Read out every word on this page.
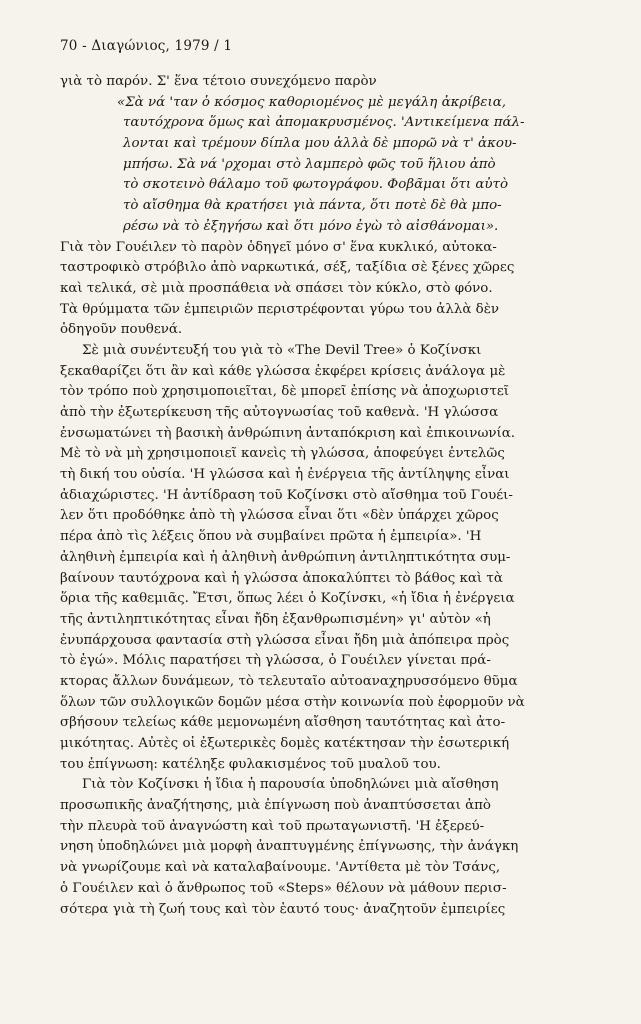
70 - Διαγώνιος, 1979 / 1
γιὰ τὸ παρόν. Σ' ἕνα τέτοιο συνεχόμενο παρὸν
«Σὰ νά 'ταν ὁ κόσμος καθοριομένος μὲ μεγάλη ἀκρίβεια,
ταυτόχρονα ὅμως καὶ ἀπομακρυσμένος. 'Αντικείμενα πάλ-
λονται καὶ τρέμουν δίπλα μου ἀλλὰ δὲ μπορῶ νὰ τ' ἀκου-
μπήσω. Σὰ νά 'ρχομαι στὸ λαμπερὸ φῶς τοῦ ἥλιου ἀπὸ
τὸ σκοτεινὸ θάλαμο τοῦ φωτογράφου. Φοβᾶμαι ὅτι αὐτὸ
τὸ αἴσθημα θὰ κρατήσει γιὰ πάντα, ὅτι ποτὲ δὲ θὰ μπο-
ρέσω νὰ τὸ ἐξηγήσω καὶ ὅτι μόνο ἐγὼ τὸ αἰσθάνομαι».
Γιὰ τὸν Γουέιλεν τὸ παρὸν ὁδηγεῖ μόνο σ' ἕνα κυκλικό, αὐτοκα-
ταστροφικὸ στρόβιλο ἀπὸ ναρκωτικά, σέξ, ταξίδια σὲ ξένες χῶρες
καὶ τελικά, σὲ μιὰ προσπάθεια νὰ σπάσει τὸν κύκλο, στὸ φόνο.
Τὰ θρύμματα τῶν ἐμπειριῶν περιστρέφονται γύρω του ἀλλὰ δὲν
ὁδηγοῦν πουθενά.
Σὲ μιὰ συνέντευξή του γιὰ τὸ «The Devil Tree» ὁ Κοζίνσκι
ξεκαθαρίζει ὅτι ἂν καὶ κάθε γλώσσα ἐκφέρει κρίσεις ἀνάλογα μὲ
τὸν τρόπο ποὺ χρησιμοποιεῖται, δὲ μπορεῖ ἐπίσης νὰ ἀποχωριστεῖ
ἀπὸ τὴν ἐξωτερίκευση τῆς αὐτογνωσίας τοῦ καθενὰ. 'Η γλώσσα
ἐνσωματώνει τὴ βασικὴ ἀνθρώπινη ἀνταπόκριση καὶ ἐπικοινωνία.
Μὲ τὸ νὰ μὴ χρησιμοποιεῖ κανεὶς τὴ γλώσσα, ἀποφεύγει ἐντελῶς
τὴ δική του οὐσία. 'Η γλώσσα καὶ ἡ ἐνέργεια τῆς ἀντίληψης εἶναι
ἀδιαχώριστες. 'Η ἀντίδραση τοῦ Κοζίνσκι στὸ αἴσθημα τοῦ Γουέι-
λεν ὅτι προδόθηκε ἀπὸ τὴ γλώσσα εἶναι ὅτι «δὲν ὑπάρχει χῶρος
πέρα ἀπὸ τὶς λέξεις ὅπου νὰ συμβαίνει πρῶτα ἡ ἐμπειρία». 'Η
ἀληθινὴ ἐμπειρία καὶ ἡ ἀληθινὴ ἀνθρώπινη ἀντιληπτικότητα συμ-
βαίνουν ταυτόχρονα καὶ ἡ γλώσσα ἀποκαλύπτει τὸ βάθος καὶ τὰ
ὅρια τῆς καθεμιᾶς. Ἔτσι, ὅπως λέει ὁ Κοζίνσκι, «ἡ ἴδια ἡ ἐνέργεια
τῆς ἀντιληπτικότητας εἶναι ἤδη ἐξανθρωπισμένη» γι' αὐτὸν «ἡ
ἐνυπάρχουσα φαντασία στὴ γλώσσα εἶναι ἤδη μιὰ ἀπόπειρα πρὸς
τὸ ἐγώ». Μόλις παρατήσει τὴ γλώσσα, ὁ Γουέιλεν γίνεται πρά-
κτορας ἄλλων δυνάμεων, τὸ τελευταῖο αὐτοαναχηρυσσόμενο θῦμα
ὅλων τῶν συλλογικῶν δομῶν μέσα στὴν κοινωνία ποὺ ἐφορμοῦν νὰ
σβήσουν τελείως κάθε μεμονωμένη αἴσθηση ταυτότητας καὶ ἀτο-
μικότητας. Αὐτὲς οἱ ἐξωτερικὲς δομὲς κατέκτησαν τὴν ἐσωτερική
του ἐπίγνωση: κατέληξε φυλακισμένος τοῦ μυαλοῦ του.
Γιὰ τὸν Κοζίνσκι ἡ ἴδια ἡ παρουσία ὑποδηλώνει μιὰ αἴσθηση
προσωπικῆς ἀναζήτησης, μιὰ ἐπίγνωση ποὺ ἀναπτύσσεται ἀπὸ
τὴν πλευρὰ τοῦ ἀναγνώστη καὶ τοῦ πρωταγωνιστῆ. 'Η ἐξερεύ-
νηση ὑποδηλώνει μιὰ μορφὴ ἀναπτυγμένης ἐπίγνωσης, τὴν ἀνάγκη
νὰ γνωρίζουμε καὶ νὰ καταλαβαίνουμε. 'Αντίθετα μὲ τὸν Τσάνς,
ὁ Γουέιλεν καὶ ὁ ἄνθρωπος τοῦ «Steps» θέλουν νὰ μάθουν περισ-
σότερα γιὰ τὴ ζωή τους καὶ τὸν ἑαυτό τους· ἀναζητοῦν ἐμπειρίες
